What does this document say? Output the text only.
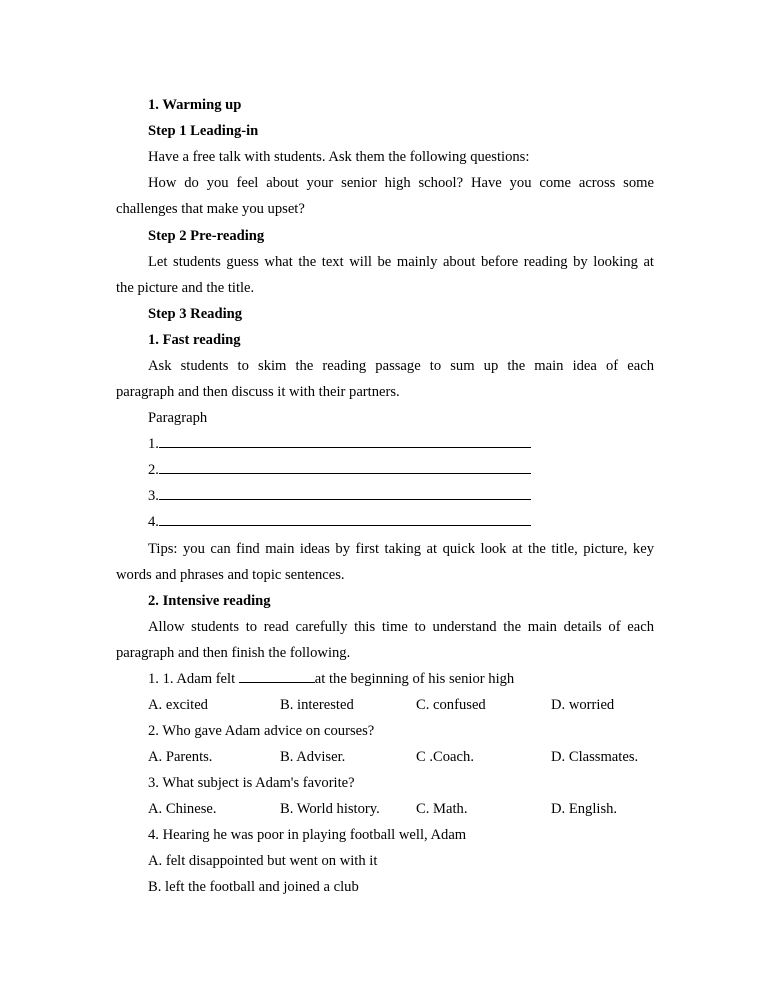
1. Warming up
Step 1 Leading-in
Have a free talk with students. Ask them the following questions:
How do you feel about your senior high school? Have you come across some
challenges that make you upset?
Step 2 Pre-reading
Let students guess what the text will be mainly about before reading by looking at
the picture and the title.
Step 3 Reading
1. Fast reading
Ask students to skim the reading passage to sum up the main idea of each
paragraph and then discuss it with their partners.
Paragraph
1.
2.
3.
4.
Tips: you can find main ideas by first taking at quick look at the title, picture, key
words and phrases and topic sentences.
2. Intensive reading
Allow students to read carefully this time to understand the main details of each
paragraph and then finish the following.
1. 1. Adam felt	at the beginning of his senior high
A. excited	B. interested	C. confused	D. worried
2. Who gave Adam advice on courses?
A. Parents.	B. Adviser.	C .Coach.	D. Classmates.
3. What subject is Adam's favorite?
A. Chinese.	B. World history. C. Math.	D. English.
4. Hearing he was poor in playing football well, Adam
A. felt disappointed but went on with it
B. left the football and joined a club
